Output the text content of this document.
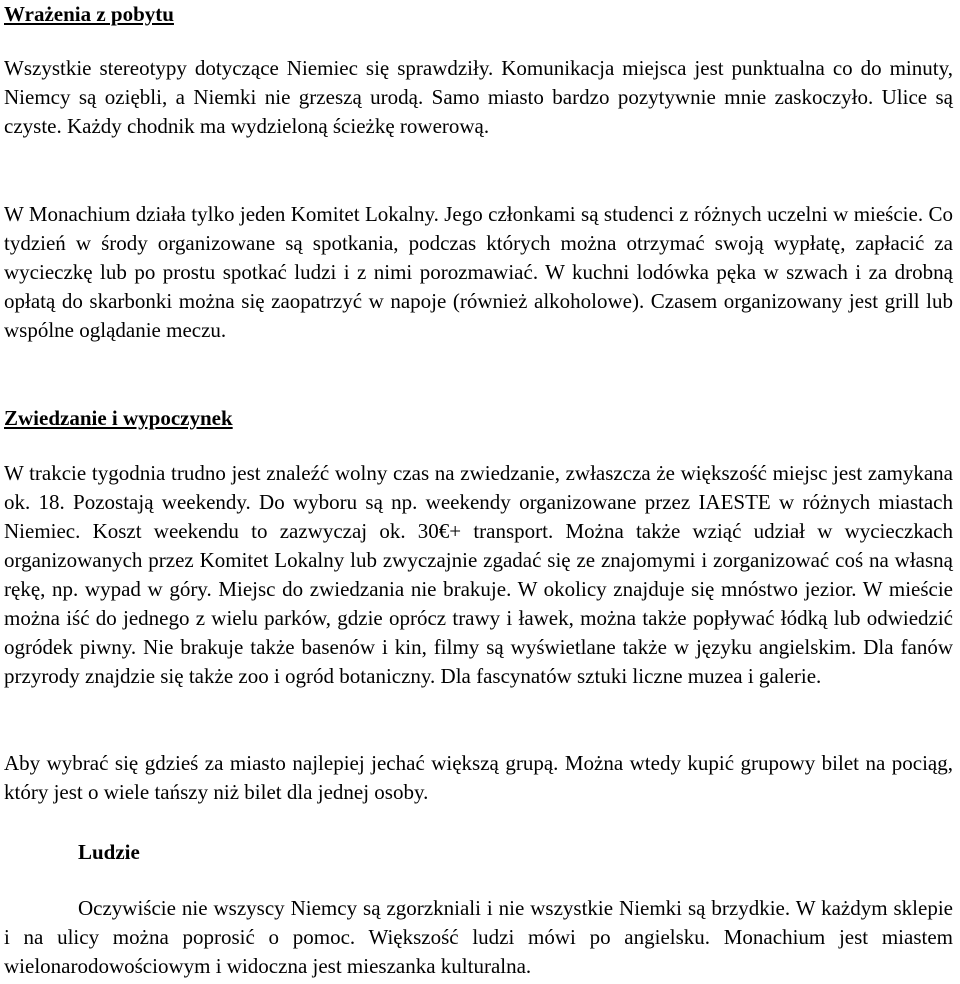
Wrażenia z pobytu

Wszystkie stereotypy dotyczące Niemiec się sprawdziły. Komunikacja miejsca jest punktualna co do minuty, Niemcy są oziębli, a Niemki nie grzeszą urodą. Samo miasto bardzo pozytywnie mnie zaskoczyło. Ulice są czyste. Każdy chodnik ma wydzieloną ścieżkę rowerową.

W Monachium działa tylko jeden Komitet Lokalny. Jego członkami są studenci z różnych uczelni w mieście. Co tydzień w środy organizowane są spotkania, podczas których można otrzymać swoją wypłatę, zapłacić za wycieczkę lub po prostu spotkać ludzi i z nimi porozmawiać. W kuchni lodówka pęka w szwach i za drobną opłatą do skarbonki można się zaopatrzyć w napoje (również alkoholowe). Czasem organizowany jest grill lub wspólne oglądanie meczu.

Zwiedzanie i wypoczynek

W trakcie tygodnia trudno jest znaleźć wolny czas na zwiedzanie, zwłaszcza że większość miejsc jest zamykana ok. 18. Pozostają weekendy. Do wyboru są np. weekendy organizowane przez IAESTE w różnych miastach Niemiec. Koszt weekendu to zazwyczaj ok. 30€+ transport. Można także wziąć udział w wycieczkach organizowanych przez Komitet Lokalny lub zwyczajnie zgadać się ze znajomymi i zorganizować coś na własną rękę, np. wypad w góry. Miejsc do zwiedzania nie brakuje. W okolicy znajduje się mnóstwo jezior. W mieście można iść do jednego z wielu parków, gdzie oprócz trawy i ławek, można także popływać łódką lub odwiedzić ogródek piwny. Nie brakuje także basenów i kin, filmy są wyświetlane także w języku angielskim. Dla fanów przyrody znajdzie się także zoo i ogród botaniczny. Dla fascynatów sztuki liczne muzea i galerie.

Aby wybrać się gdzieś za miasto najlepiej jechać większą grupą. Można wtedy kupić grupowy bilet na pociąg, który jest o wiele tańszy niż bilet dla jednej osoby.

Ludzie

Oczywiście nie wszyscy Niemcy są zgorzkniali i nie wszystkie Niemki są brzydkie. W każdym sklepie i na ulicy można poprosić o pomoc. Większość ludzi mówi po angielsku. Monachium jest miastem wielonarodowościowym i widoczna jest mieszanka kulturalna.
